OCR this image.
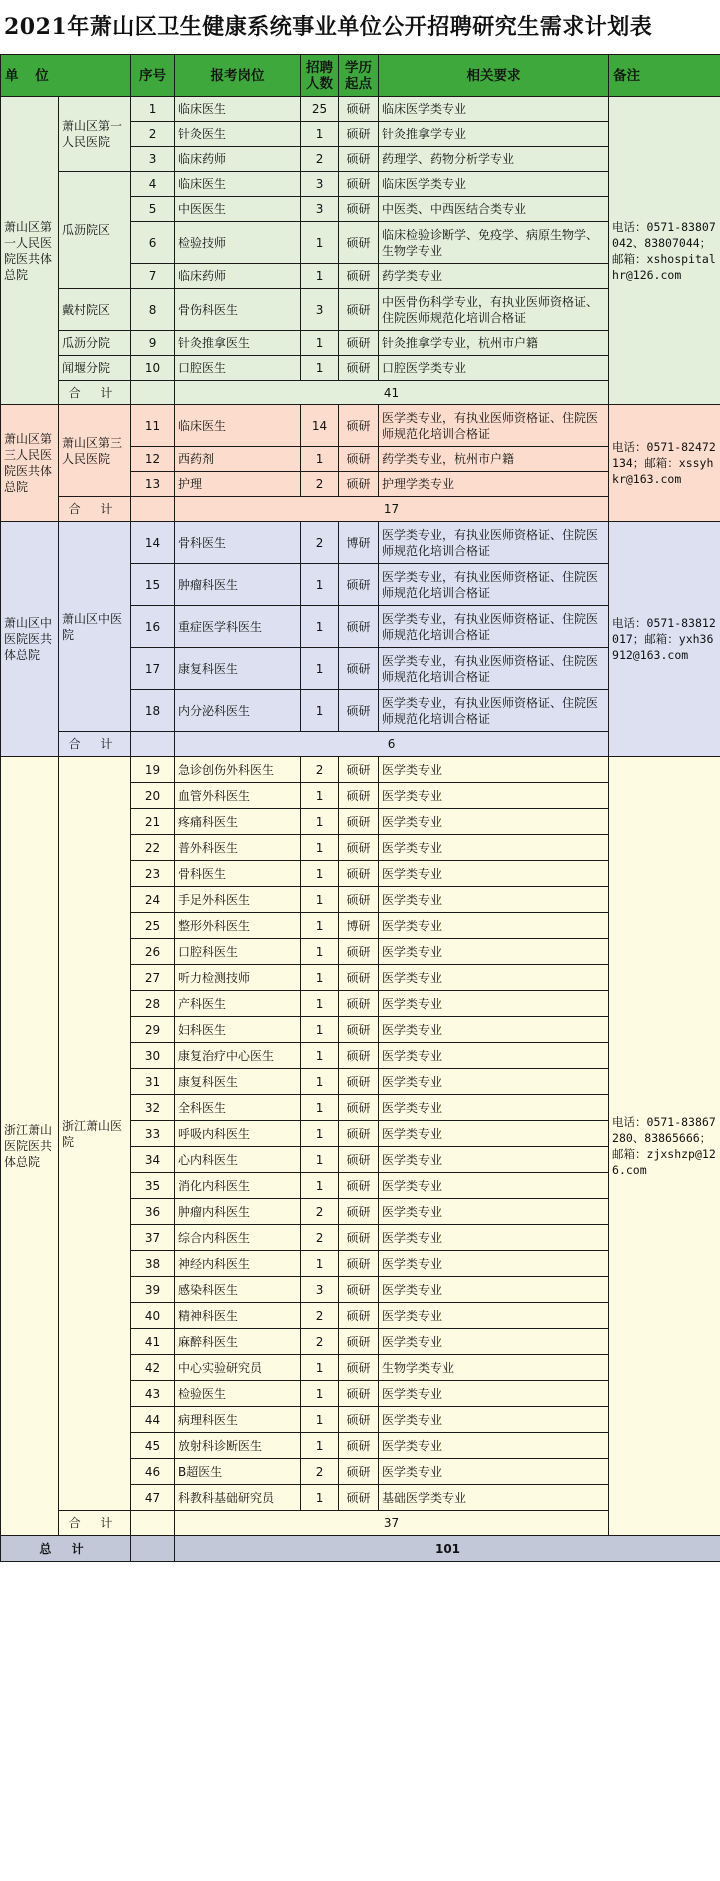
2021年萧山区卫生健康系统事业单位公开招聘研究生需求计划表
单 位		序号	报考岗位	招聘人数	学历起点	相关要求	备注
萧山区第一人民医院医共体总院	萧山区第一人民医院	1	临床医生	25	硕研	临床医学类专业	电话：0571-83807042、83807044；邮箱：xshospitalhr@126.com
		2	针灸医生	1	硕研	针灸推拿学专业	
		3	临床药师	2	硕研	药理学、药物分析学专业	
	瓜沥院区	4	临床医生	3	硕研	临床医学类专业	
		5	中医医生	3	硕研	中医类、中西医结合类专业	
		6	检验技师	1	硕研	临床检验诊断学、免疫学、病原生物学、生物学专业	
		7	临床药师	1	硕研	药学类专业	
	戴村院区	8	骨伤科医生	3	硕研	中医骨伤科学专业，有执业医师资格证、住院医师规范化培训合格证	
	瓜沥分院	9	针灸推拿医生	1	硕研	针灸推拿学专业，杭州市户籍	
	闻堰分院	10	口腔医生	1	硕研	口腔医学类专业	
	合 计		41				
萧山区第三人民医院医共体总院	萧山区第三人民医院	11	临床医生	14	硕研	医学类专业，有执业医师资格证、住院医师规范化培训合格证	电话：0571-82472134；邮箱：xssyhkr@163.com
		12	西药剂	1	硕研	药学类专业，杭州市户籍	
		13	护理	2	硕研	护理学类专业	
	合 计		17				
萧山区中医院医共体总院	萧山区中医院	14	骨科医生	2	博研	医学类专业，有执业医师资格证、住院医师规范化培训合格证	电话：0571-83812017；邮箱：yxh36912@163.com
		15	肿瘤科医生	1	硕研	医学类专业，有执业医师资格证、住院医师规范化培训合格证	
		16	重症医学科医生	1	硕研	医学类专业，有执业医师资格证、住院医师规范化培训合格证	
		17	康复科医生	1	硕研	医学类专业，有执业医师资格证、住院医师规范化培训合格证	
		18	内分泌科医生	1	硕研	医学类专业，有执业医师资格证、住院医师规范化培训合格证	
	合 计		6				
浙江萧山医院医共体总院	浙江萧山医院	19	急诊创伤外科医生	2	硕研	医学类专业	电话：0571-83867280、83865666；邮箱：zjxshzp@126.com
		20	血管外科医生	1	硕研	医学类专业	
		21	疼痛科医生	1	硕研	医学类专业	
		22	普外科医生	1	硕研	医学类专业	
		23	骨科医生	1	硕研	医学类专业	
		24	手足外科医生	1	硕研	医学类专业	
		25	整形外科医生	1	博研	医学类专业	
		26	口腔科医生	1	硕研	医学类专业	
		27	听力检测技师	1	硕研	医学类专业	
		28	产科医生	1	硕研	医学类专业	
		29	妇科医生	1	硕研	医学类专业	
		30	康复治疗中心医生	1	硕研	医学类专业	
		31	康复科医生	1	硕研	医学类专业	
		32	全科医生	1	硕研	医学类专业	
		33	呼吸内科医生	1	硕研	医学类专业	
		34	心内科医生	1	硕研	医学类专业	
		35	消化内科医生	1	硕研	医学类专业	
		36	肿瘤内科医生	2	硕研	医学类专业	
		37	综合内科医生	2	硕研	医学类专业	
		38	神经内科医生	1	硕研	医学类专业	
		39	感染科医生	3	硕研	医学类专业	
		40	精神科医生	2	硕研	医学类专业	
		41	麻醉科医生	2	硕研	医学类专业	
		42	中心实验研究员	1	硕研	生物学类专业	
		43	检验医生	1	硕研	医学类专业	
		44	病理科医生	1	硕研	医学类专业	
		45	放射科诊断医生	1	硕研	医学类专业	
		46	B超医生	2	硕研	医学类专业	
		47	科教科基础研究员	1	硕研	基础医学类专业	
	合 计		37				
总 计			101				
